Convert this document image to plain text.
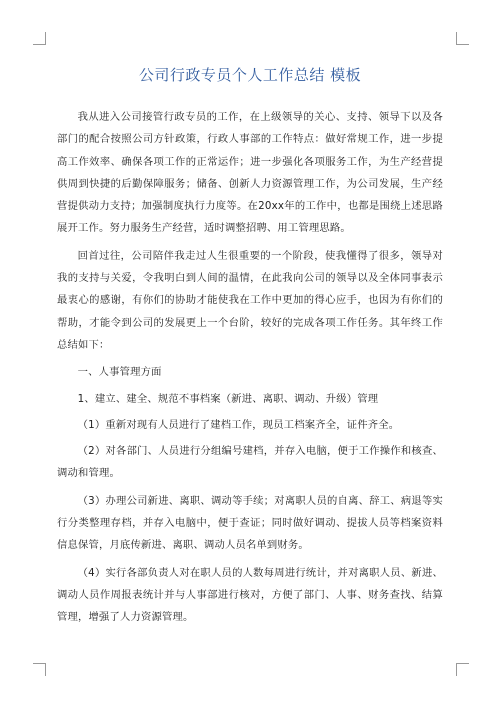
公司行政专员个人工作总结 模板

我从进入公司接管行政专员的工作，在上级领导的关心、支持、领导下以及各部门的配合按照公司方针政策，行政人事部的工作特点：做好常规工作，进一步提高工作效率、确保各项工作的正常运作；进一步强化各项服务工作，为生产经营提供周到快捷的后勤保障服务；储备、创新人力资源管理工作，为公司发展，生产经营提供动力支持；加强制度执行力度等。在20xx年的工作中，也都是围绕上述思路展开工作。努力服务生产经营，适时调整招聘、用工管理思路。

回首过往，公司陪伴我走过人生很重要的一个阶段，使我懂得了很多，领导对我的支持与关爱，令我明白到人间的温情，在此我向公司的领导以及全体同事表示最衷心的感谢，有你们的协助才能使我在工作中更加的得心应手，也因为有你们的帮助，才能令到公司的发展更上一个台阶，较好的完成各项工作任务。其年终工作总结如下：

一、人事管理方面

1、建立、建全、规范不事档案（新进、离职、调动、升级）管理

（1）重新对现有人员进行了建档工作，现员工档案齐全，证件齐全。

（2）对各部门、人员进行分组编号建档，并存入电脑，便于工作操作和核查、调动和管理。

（3）办理公司新进、离职、调动等手续；对离职人员的自离、辞工、病退等实行分类整理存档，并存入电脑中，便于查证；同时做好调动、提拔人员等档案资料信息保管，月底传新进、离职、调动人员名单到财务。

（4）实行各部负责人对在职人员的人数每周进行统计，并对离职人员、新进、调动人员作周报表统计并与人事部进行核对，方便了部门、人事、财务查找、结算管理，增强了人力资源管理。
